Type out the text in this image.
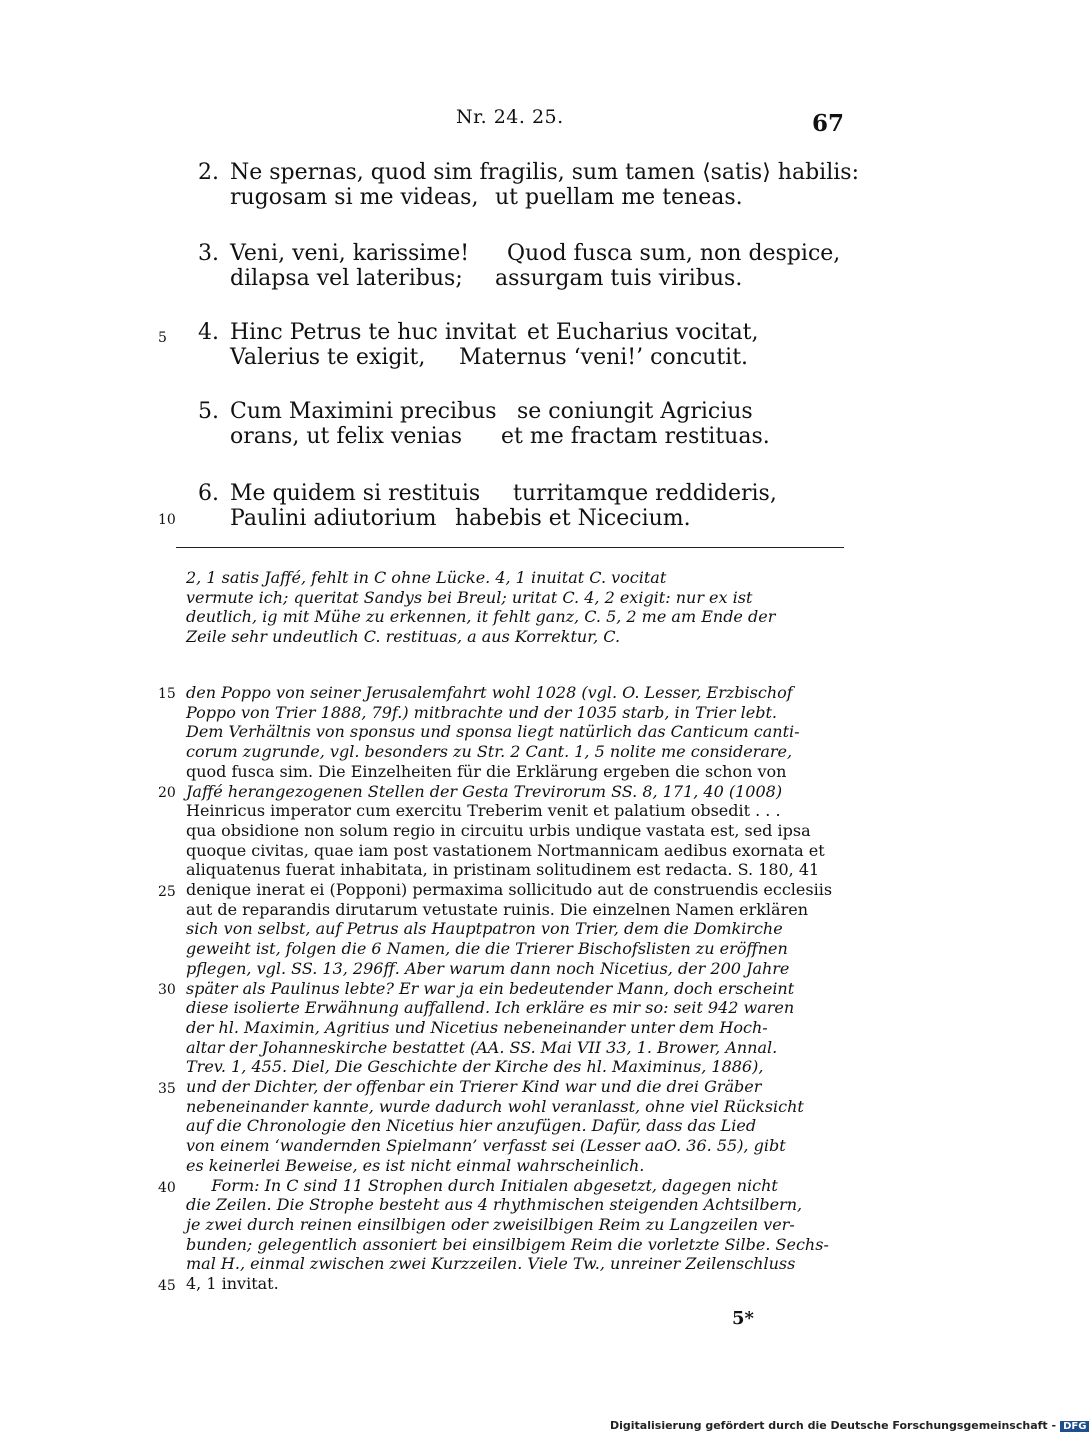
Nr. 24. 25.	67
2. Ne spernas, quod sim fragilis, sum tamen ⟨satis⟩ habilis:
rugosam si me videas, ut puellam me teneas.
3. Veni, veni, karissime! Quod fusca sum, non despice,
dilapsa vel lateribus; assurgam tuis viribus.
5 4. Hinc Petrus te huc invitat et Eucharius vocitat,
Valerius te exigit, Maternus ‘veni!’ concutit.
5. Cum Maximini precibus se coniungit Agricius
orans, ut felix venias et me fractam restituas.
10
6. Me quidem si restituis turritamque reddideris,
Paulini adiutorium habebis et Nicecium.
2, 1 satis Jaffé, fehlt in C ohne Lücke. 4, 1 inuitat C. vocitat
vermute ich; queritat Sandys bei Breul; uritat C. 4, 2 exigit: nur ex ist
deutlich, ig mit Mühe zu erkennen, it fehlt ganz, C. 5, 2 me am Ende der
Zeile sehr undeutlich C. restituas, a aus Korrektur, C.
15
20
25
30
35
40
45
den Poppo von seiner Jerusalemfahrt wohl 1028 (vgl. O. Lesser, Erzbischof
Poppo von Trier 1888, 79f.) mitbrachte und der 1035 starb, in Trier lebt.
Dem Verhältnis von sponsus und sponsa liegt natürlich das Canticum canti-
corum zugrunde, vgl. besonders zu Str. 2 Cant. 1, 5 nolite me considerare,
quod fusca sim. Die Einzelheiten für die Erklärung ergeben die schon von
Jaffé herangezogenen Stellen der Gesta Trevirorum SS. 8, 171, 40 (1008)
Heinricus imperator cum exercitu Treberim venit et palatium obsedit . . .
qua obsidione non solum regio in circuitu urbis undique vastata est, sed ipsa
quoque civitas, quae iam post vastationem Nortmannicam aedibus exornata et
aliquatenus fuerat inhabitata, in pristinam solitudinem est redacta. S. 180, 41
denique inerat ei (Popponi) permaxima sollicitudo aut de construendis ecclesiis
aut de reparandis dirutarum vetustate ruinis. Die einzelnen Namen erklären
sich von selbst, auf Petrus als Hauptpatron von Trier, dem die Domkirche
geweiht ist, folgen die 6 Namen, die die Trierer Bischofslisten zu eröffnen
pflegen, vgl. SS. 13, 296ff. Aber warum dann noch Nicetius, der 200 Jahre
später als Paulinus lebte? Er war ja ein bedeutender Mann, doch erscheint
diese isolierte Erwähnung auffallend. Ich erkläre es mir so: seit 942 waren
der hl. Maximin, Agritius und Nicetius nebeneinander unter dem Hoch-
altar der Johanneskirche bestattet (AA. SS. Mai VII 33, 1. Brower, Annal.
Trev. 1, 455. Diel, Die Geschichte der Kirche des hl. Maximinus, 1886),
und der Dichter, der offenbar ein Trierer Kind war und die drei Gräber
nebeneinander kannte, wurde dadurch wohl veranlasst, ohne viel Rücksicht
auf die Chronologie den Nicetius hier anzufügen. Dafür, dass das Lied
von einem ‘wandernden Spielmann’ verfasst sei (Lesser aaO. 36. 55), gibt
es keinerlei Beweise, es ist nicht einmal wahrscheinlich.
Form: In C sind 11 Strophen durch Initialen abgesetzt, dagegen nicht
die Zeilen. Die Strophe besteht aus 4 rhythmischen steigenden Achtsilbern,
je zwei durch reinen einsilbigen oder zweisilbigen Reim zu Langzeilen ver-
bunden; gelegentlich assoniert bei einsilbigem Reim die vorletzte Silbe. Sechs-
mal H., einmal zwischen zwei Kurzzeilen. Viele Tw., unreiner Zeilenschluss
4, 1 invitat.
5*
Digitalisierung gefördert durch die Deutsche Forschungsgemeinschaft - DFG
